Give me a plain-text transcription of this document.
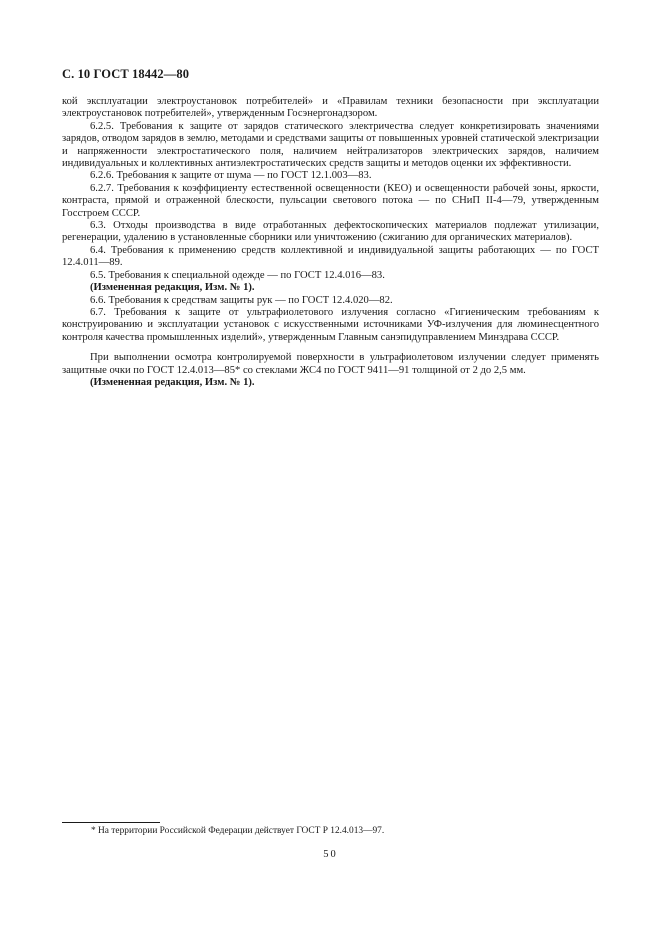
С. 10 ГОСТ 18442—80

кой эксплуатации электроустановок потребителей» и «Правилам техники безопасности при эксплуатации электроустановок потребителей», утвержденным Госэнергонадзором.

6.2.5. Требования к защите от зарядов статического электричества следует конкретизировать значениями зарядов, отводом зарядов в землю, методами и средствами защиты от повышенных уровней статической электризации и напряженности электростатического поля, наличием нейтрализаторов электрических зарядов, наличием индивидуальных и коллективных антиэлектростатических средств защиты и методов оценки их эффективности.

6.2.6. Требования к защите от шума — по ГОСТ 12.1.003—83.

6.2.7. Требования к коэффициенту естественной освещенности (КЕО) и освещенности рабочей зоны, яркости, контраста, прямой и отраженной блескости, пульсации светового потока — по СНиП II-4—79, утвержденным Госстроем СССР.

6.3. Отходы производства в виде отработанных дефектоскопических материалов подлежат утилизации, регенерации, удалению в установленные сборники или уничтожению (сжиганию для органических материалов).

6.4. Требования к применению средств коллективной и индивидуальной защиты работающих — по ГОСТ 12.4.011—89.

6.5. Требования к специальной одежде — по ГОСТ 12.4.016—83.

(Измененная редакция, Изм. № 1).

6.6. Требования к средствам защиты рук — по ГОСТ 12.4.020—82.

6.7. Требования к защите от ультрафиолетового излучения согласно «Гигиеническим требованиям к конструированию и эксплуатации установок с искусственными источниками УФ-излучения для люминесцентного контроля качества промышленных изделий», утвержденным Главным санэпидуправлением Минздрава СССР.

При выполнении осмотра контролируемой поверхности в ультрафиолетовом излучении следует применять защитные очки по ГОСТ 12.4.013—85* со стеклами ЖС4 по ГОСТ 9411—91 толщиной от 2 до 2,5 мм.

(Измененная редакция, Изм. № 1).

* На территории Российской Федерации действует ГОСТ Р 12.4.013—97.
50
